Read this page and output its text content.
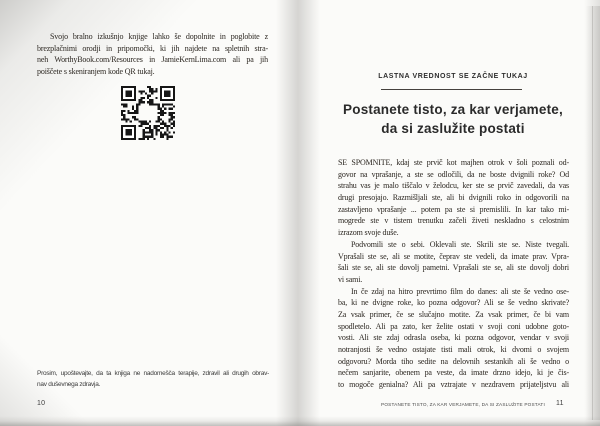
Svojo bralno izkušnjo knjige lahko še dopolnite in poglobite z
brezplačnimi orodji in pripomočki, ki jih najdete na spletnih stra-
neh WorthyBook.com/Resources in JamieKernLima.com ali pa jih
poiščete s skeniranjem kode QR tukaj.
Prosim, upoštevajte, da ta knjiga ne nadomešča terapije, zdravil ali drugih obrav-
nav duševnega zdravja.
10
LASTNA VREDNOST SE ZAČNE TUKAJ
Postanete tisto, za kar verjamete,
da si zaslužite postati
SE SPOMNITE, kdaj ste prvič kot majhen otrok v šoli poznali od-
govor na vprašanje, a ste se odločili, da ne boste dvignili roke? Od
strahu vas je malo tiščalo v želodcu, ker ste se prvič zavedali, da vas
drugi presojajo. Razmišljali ste, ali bi dvignili roko in odgovorili na
zastavljeno vprašanje ... potem pa ste si premislili. In kar tako mi-
mogrede ste v tistem trenutku začeli živeti neskladno s celostnim
izrazom svoje duše.
Podvomili ste o sebi. Oklevali ste. Skrili ste se. Niste tvegali.
Vprašali ste se, ali se motite, čeprav ste vedeli, da imate prav. Vpra-
šali ste se, ali ste dovolj pametni. Vprašali ste se, ali ste dovolj dobri
vi sami.
In če zdaj na hitro prevrtimo film do danes: ali ste še vedno ose-
ba, ki ne dvigne roke, ko pozna odgovor? Ali se še vedno skrivate?
Za vsak primer, če se slučajno motite. Za vsak primer, če bi vam
spodletelo. Ali pa zato, ker želite ostati v svoji coni udobne goto-
vosti. Ali ste zdaj odrasla oseba, ki pozna odgovor, vendar v svoji
notranjosti še vedno ostajate tisti mali otrok, ki dvomi o svojem
odgovoru? Morda tiho sedite na delovnih sestankih ali še vedno o
nečem sanjarite, obenem pa veste, da imate drzno idejo, ki je čis-
to mogoče genialna? Ali pa vztrajate v nezdravem prijateljstvu ali
POSTANETE TISTO, ZA KAR VERJAMETE, DA SI ZASLUŽITE POSTATI	11
